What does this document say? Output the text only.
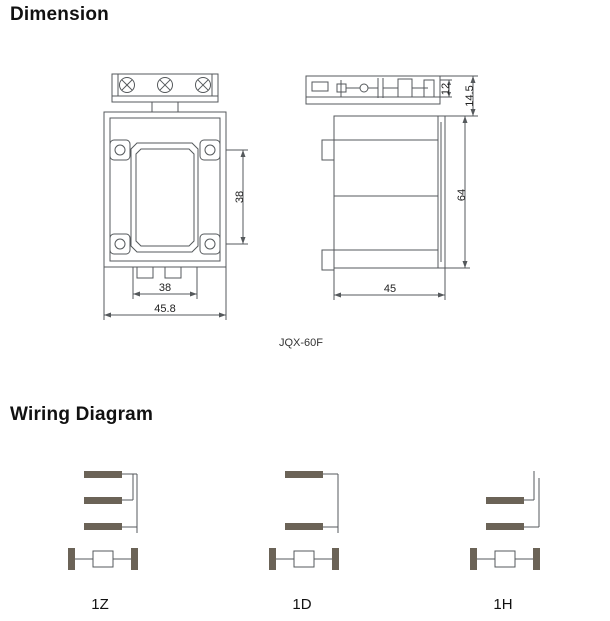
Dimension
Wiring Diagram
38
38
45.8
12 14.5
64
45
JQX-60F
1Z	1D	1H
